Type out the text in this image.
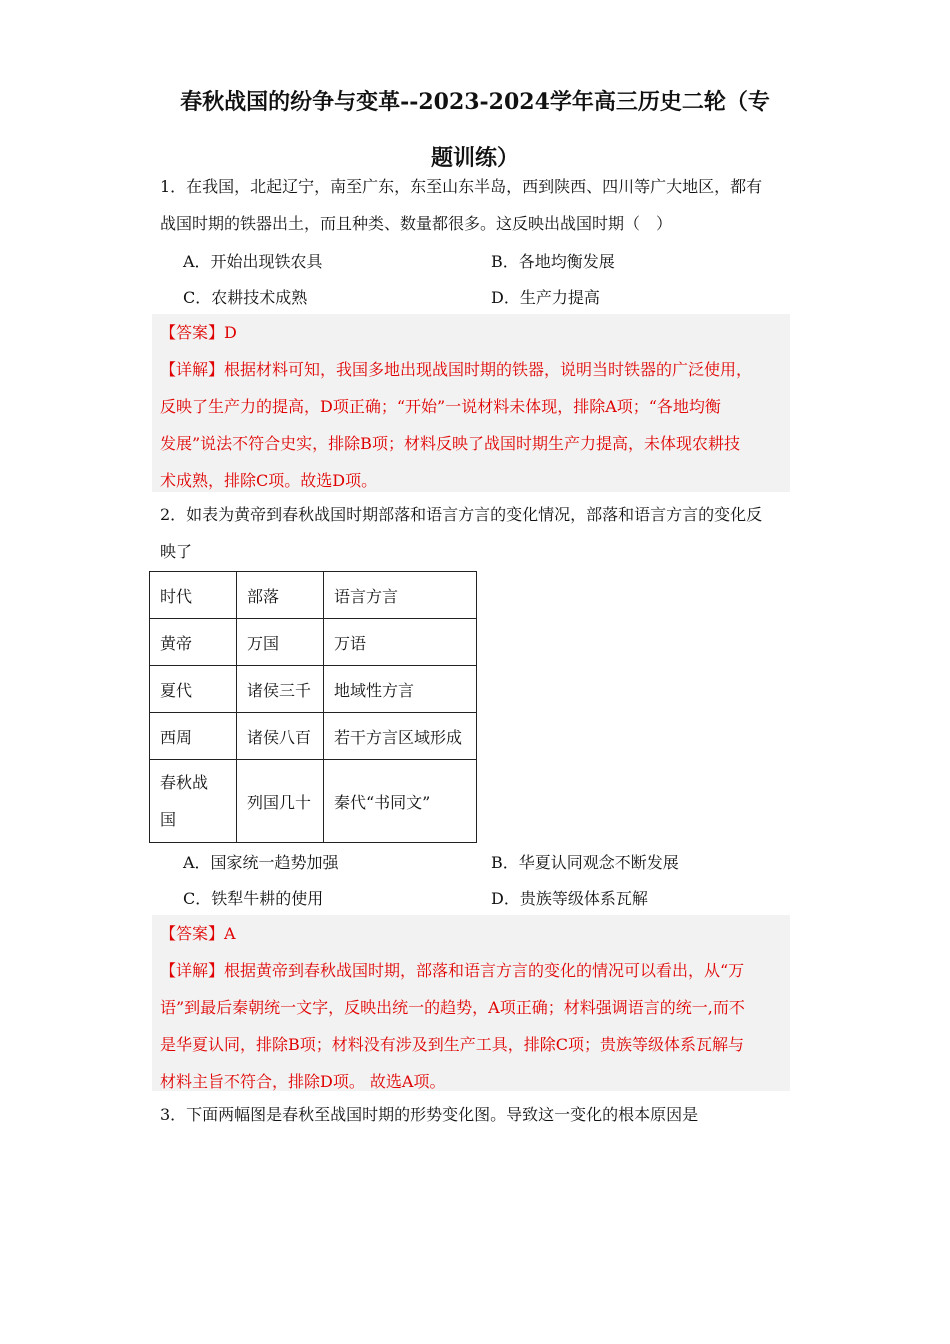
春秋战国的纷争与变革--2023-2024学年高三历史二轮（专
题训练）
1．在我国，北起辽宁，南至广东，东至山东半岛，西到陕西、四川等广大地区，都有
战国时期的铁器出土，而且种类、数量都很多。这反映出战国时期（　）
A．开始出现铁农具	B．各地均衡发展
C．农耕技术成熟	D．生产力提高
【答案】D
【详解】根据材料可知，我国多地出现战国时期的铁器，说明当时铁器的广泛使用，
反映了生产力的提高，D项正确；“开始”一说材料未体现，排除A项；“各地均衡
发展”说法不符合史实，排除B项；材料反映了战国时期生产力提高，未体现农耕技
术成熟，排除C项。故选D项。
2．如表为黄帝到春秋战国时期部落和语言方言的变化情况，部落和语言方言的变化反
映了
时代	部落	语言方言
黄帝	万国	万语
夏代	诸侯三千	地域性方言
西周	诸侯八百	若干方言区域形成

春秋战
国	列国几十	秦代“书同文”
A．国家统一趋势加强	B．华夏认同观念不断发展
C．铁犁牛耕的使用	D．贵族等级体系瓦解
【答案】A
【详解】根据黄帝到春秋战国时期，部落和语言方言的变化的情况可以看出，从“万
语”到最后秦朝统一文字，反映出统一的趋势，A项正确；材料强调语言的统一,而不
是华夏认同，排除B项；材料没有涉及到生产工具，排除C项；贵族等级体系瓦解与
材料主旨不符合，排除D项。 故选A项。
3．下面两幅图是春秋至战国时期的形势变化图。导致这一变化的根本原因是
